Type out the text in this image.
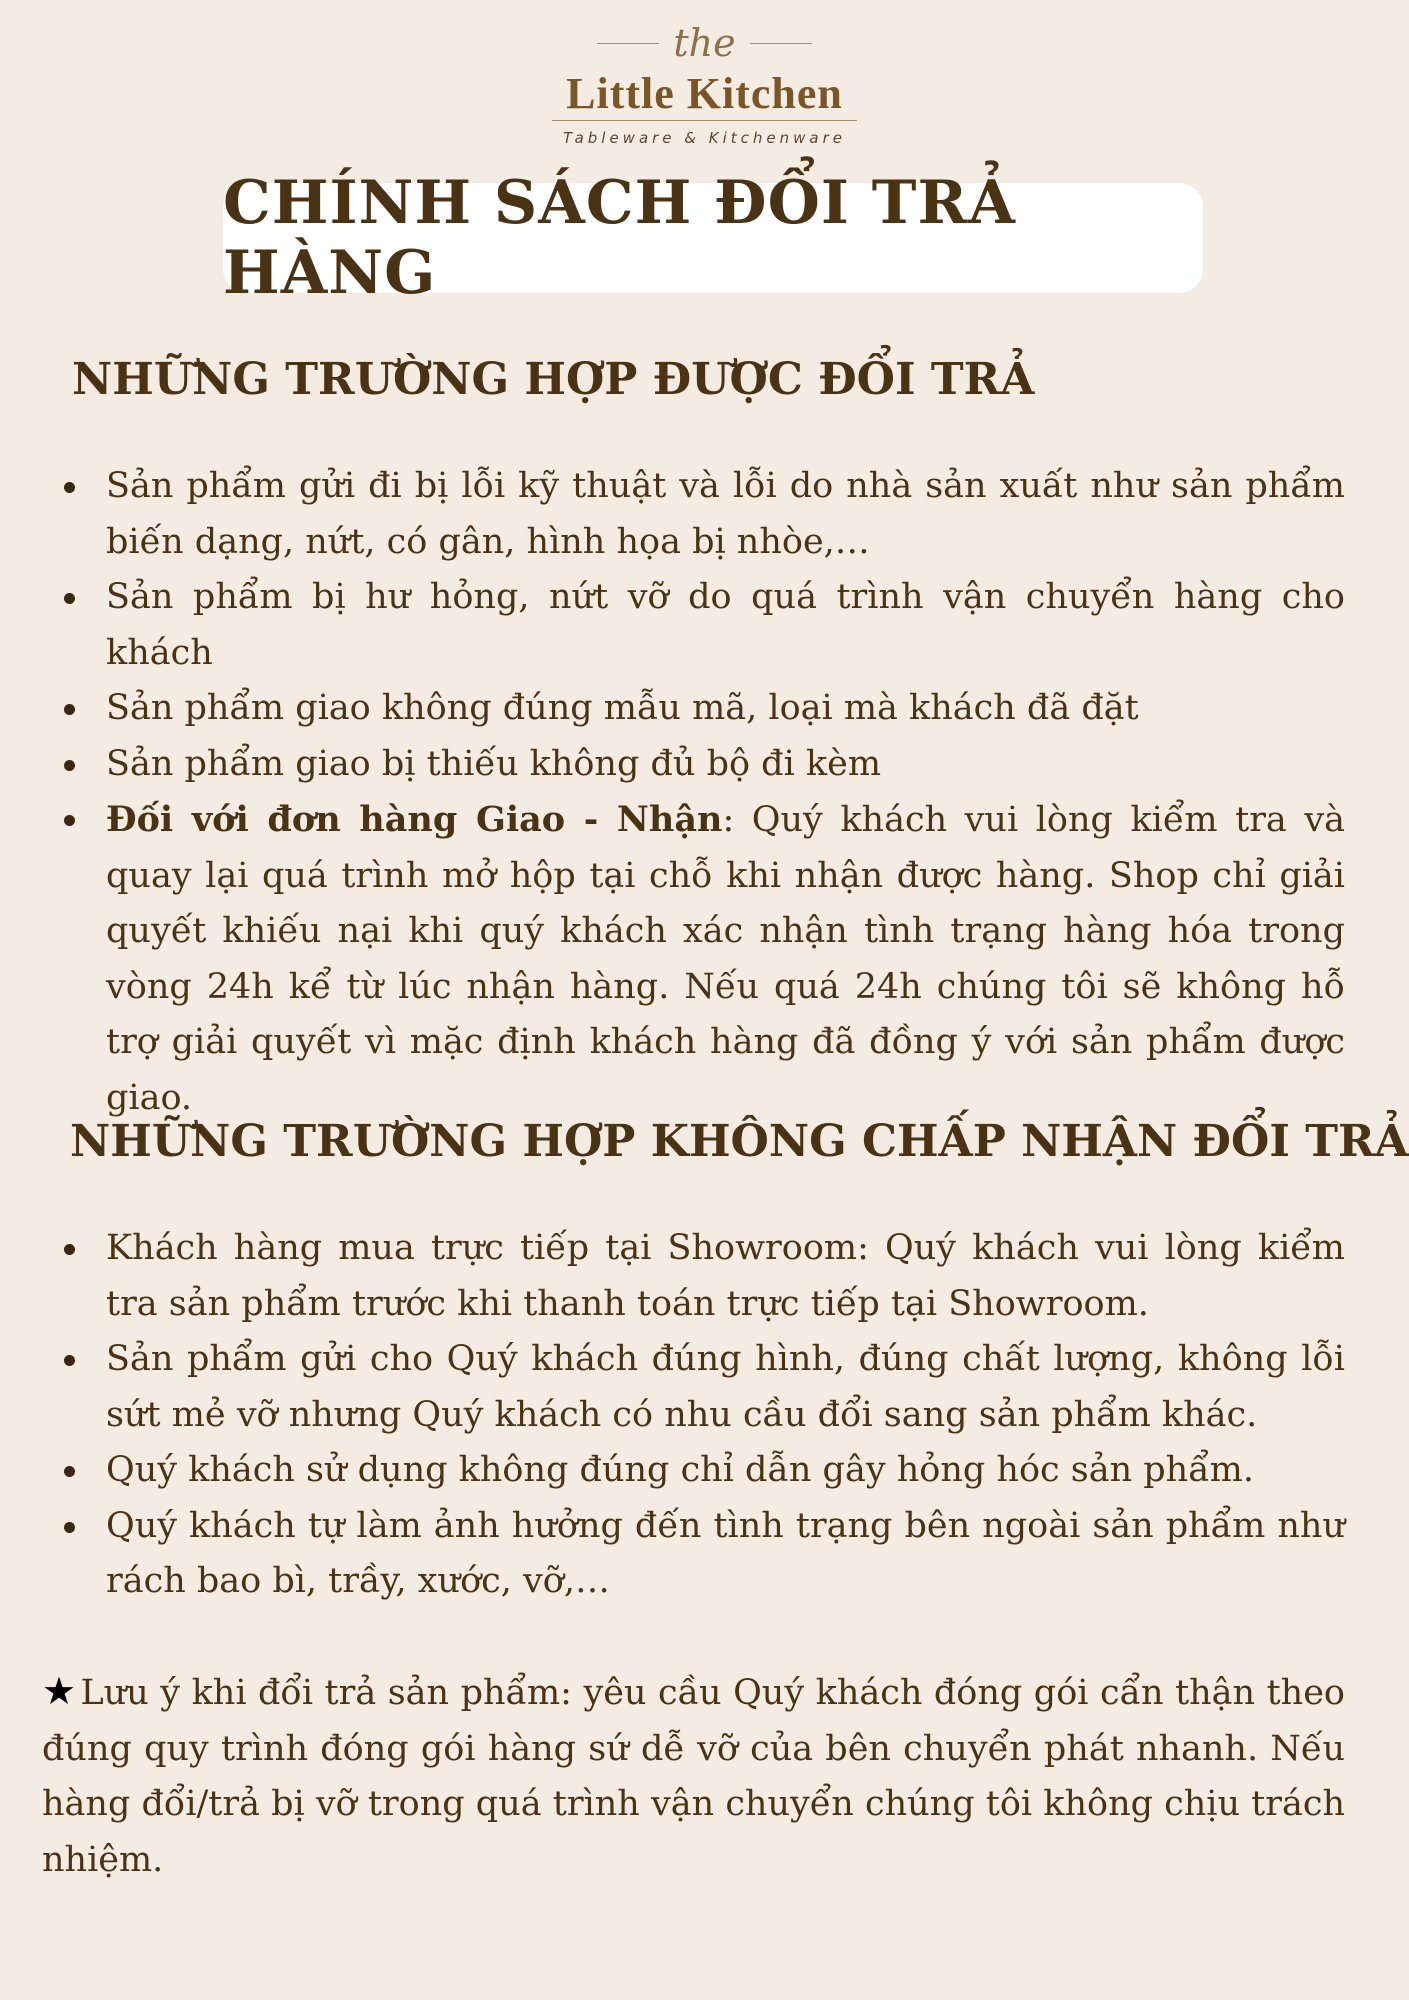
the
Little Kitchen
Tableware & Kitchenware
CHÍNH SÁCH ĐỔI TRẢ HÀNG
NHỮNG TRƯỜNG HỢP ĐƯỢC ĐỔI TRẢ
Sản phẩm gửi đi bị lỗi kỹ thuật và lỗi do nhà sản xuất như sản phẩm biến dạng, nứt, có gân, hình họa bị nhòe,…
Sản phẩm bị hư hỏng, nứt vỡ do quá trình vận chuyển hàng cho khách
Sản phẩm giao không đúng mẫu mã, loại mà khách đã đặt
Sản phẩm giao bị thiếu không đủ bộ đi kèm
Đối với đơn hàng Giao - Nhận: Quý khách vui lòng kiểm tra và quay lại quá trình mở hộp tại chỗ khi nhận được hàng. Shop chỉ giải quyết khiếu nại khi quý khách xác nhận tình trạng hàng hóa trong vòng 24h kể từ lúc nhận hàng. Nếu quá 24h chúng tôi sẽ không hỗ trợ giải quyết vì mặc định khách hàng đã đồng ý với sản phẩm được giao.
NHỮNG TRƯỜNG HỢP KHÔNG CHẤP NHẬN ĐỔI TRẢ
Khách hàng mua trực tiếp tại Showroom: Quý khách vui lòng kiểm tra sản phẩm trước khi thanh toán trực tiếp tại Showroom.
Sản phẩm gửi cho Quý khách đúng hình, đúng chất lượng, không lỗi sứt mẻ vỡ nhưng Quý khách có nhu cầu đổi sang sản phẩm khác.
Quý khách sử dụng không đúng chỉ dẫn gây hỏng hóc sản phẩm.
Quý khách tự làm ảnh hưởng đến tình trạng bên ngoài sản phẩm như rách bao bì, trầy, xước, vỡ,…

★ Lưu ý khi đổi trả sản phẩm: yêu cầu Quý khách đóng gói cẩn thận theo đúng quy trình đóng gói hàng sứ dễ vỡ của bên chuyển phát nhanh. Nếu hàng đổi/trả bị vỡ trong quá trình vận chuyển chúng tôi không chịu trách nhiệm.
